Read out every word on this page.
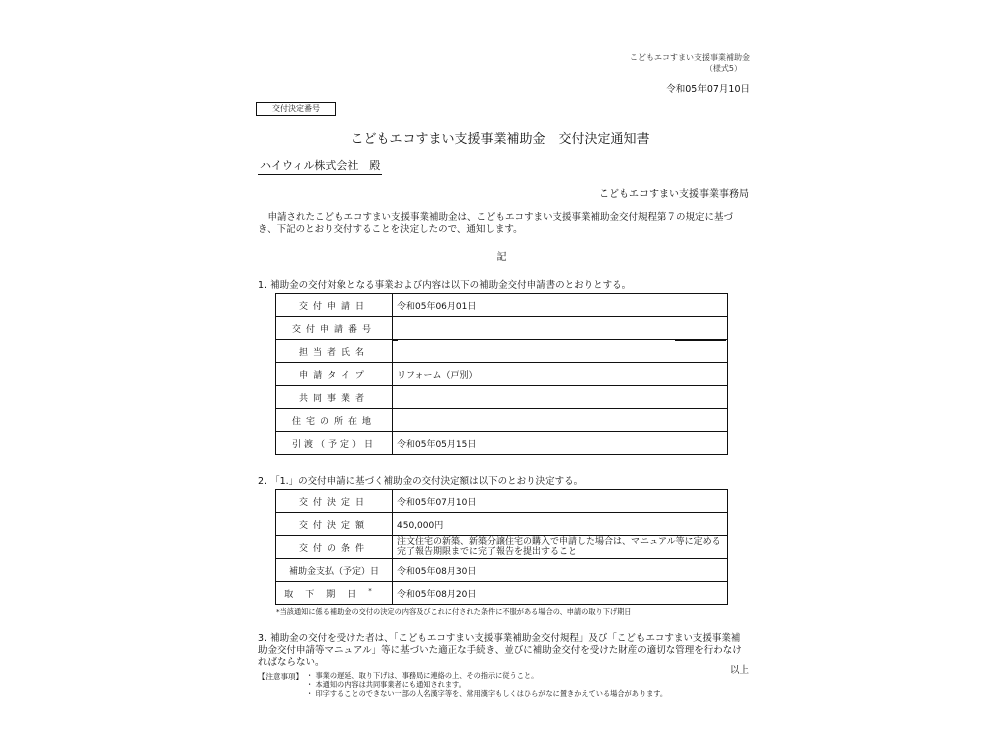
こどもエコすまい支援事業補助金
（様式5）
令和05年07月10日
交付決定番号
こどもエコすまい支援事業補助金　交付決定通知書
ハイウィル株式会社　殿
こどもエコすまい支援事業事務局
申請されたこどもエコすまい支援事業補助金は、こどもエコすまい支援事業補助金交付規程第７の規定に基づき、下記のとおり交付することを決定したので、通知します。
記
1. 補助金の交付対象となる事業および内容は以下の補助金交付申請書のとおりとする。
交付申請日	令和05年06月01日
交付申請番号	
担当者氏名	
申請タイプ	リフォーム（戸別）
共同事業者	
住宅の所在地	
引渡（予定）日	令和05年05月15日
2. 「1.」の交付申請に基づく補助金の交付決定額は以下のとおり決定する。
交付決定日	令和05年07月10日
交付決定額	450,000円
交付の条件	注文住宅の新築、新築分譲住宅の購入で申請した場合は、マニュアル等に定める完了報告期限までに完了報告を提出すること
補助金支払（予定）日	令和05年08月30日
取下期日*	令和05年08月20日
*当該通知に係る補助金の交付の決定の内容及びこれに付された条件に不服がある場合の、申請の取り下げ期日
3. 補助金の交付を受けた者は、「こどもエコすまい支援事業補助金交付規程」及び「こどもエコすまい支援事業補助金交付申請等マニュアル」等に基づいた適正な手続き、並びに補助金交付を受けた財産の適切な管理を行わなければならない。
以上
【注意事項】 ・ 事業の遅延、取り下げは、事務局に連絡の上、その指示に従うこと。
・ 本通知の内容は共同事業者にも通知されます。
・ 印字することのできない一部の人名漢字等を、常用漢字もしくはひらがなに置きかえている場合があります。
